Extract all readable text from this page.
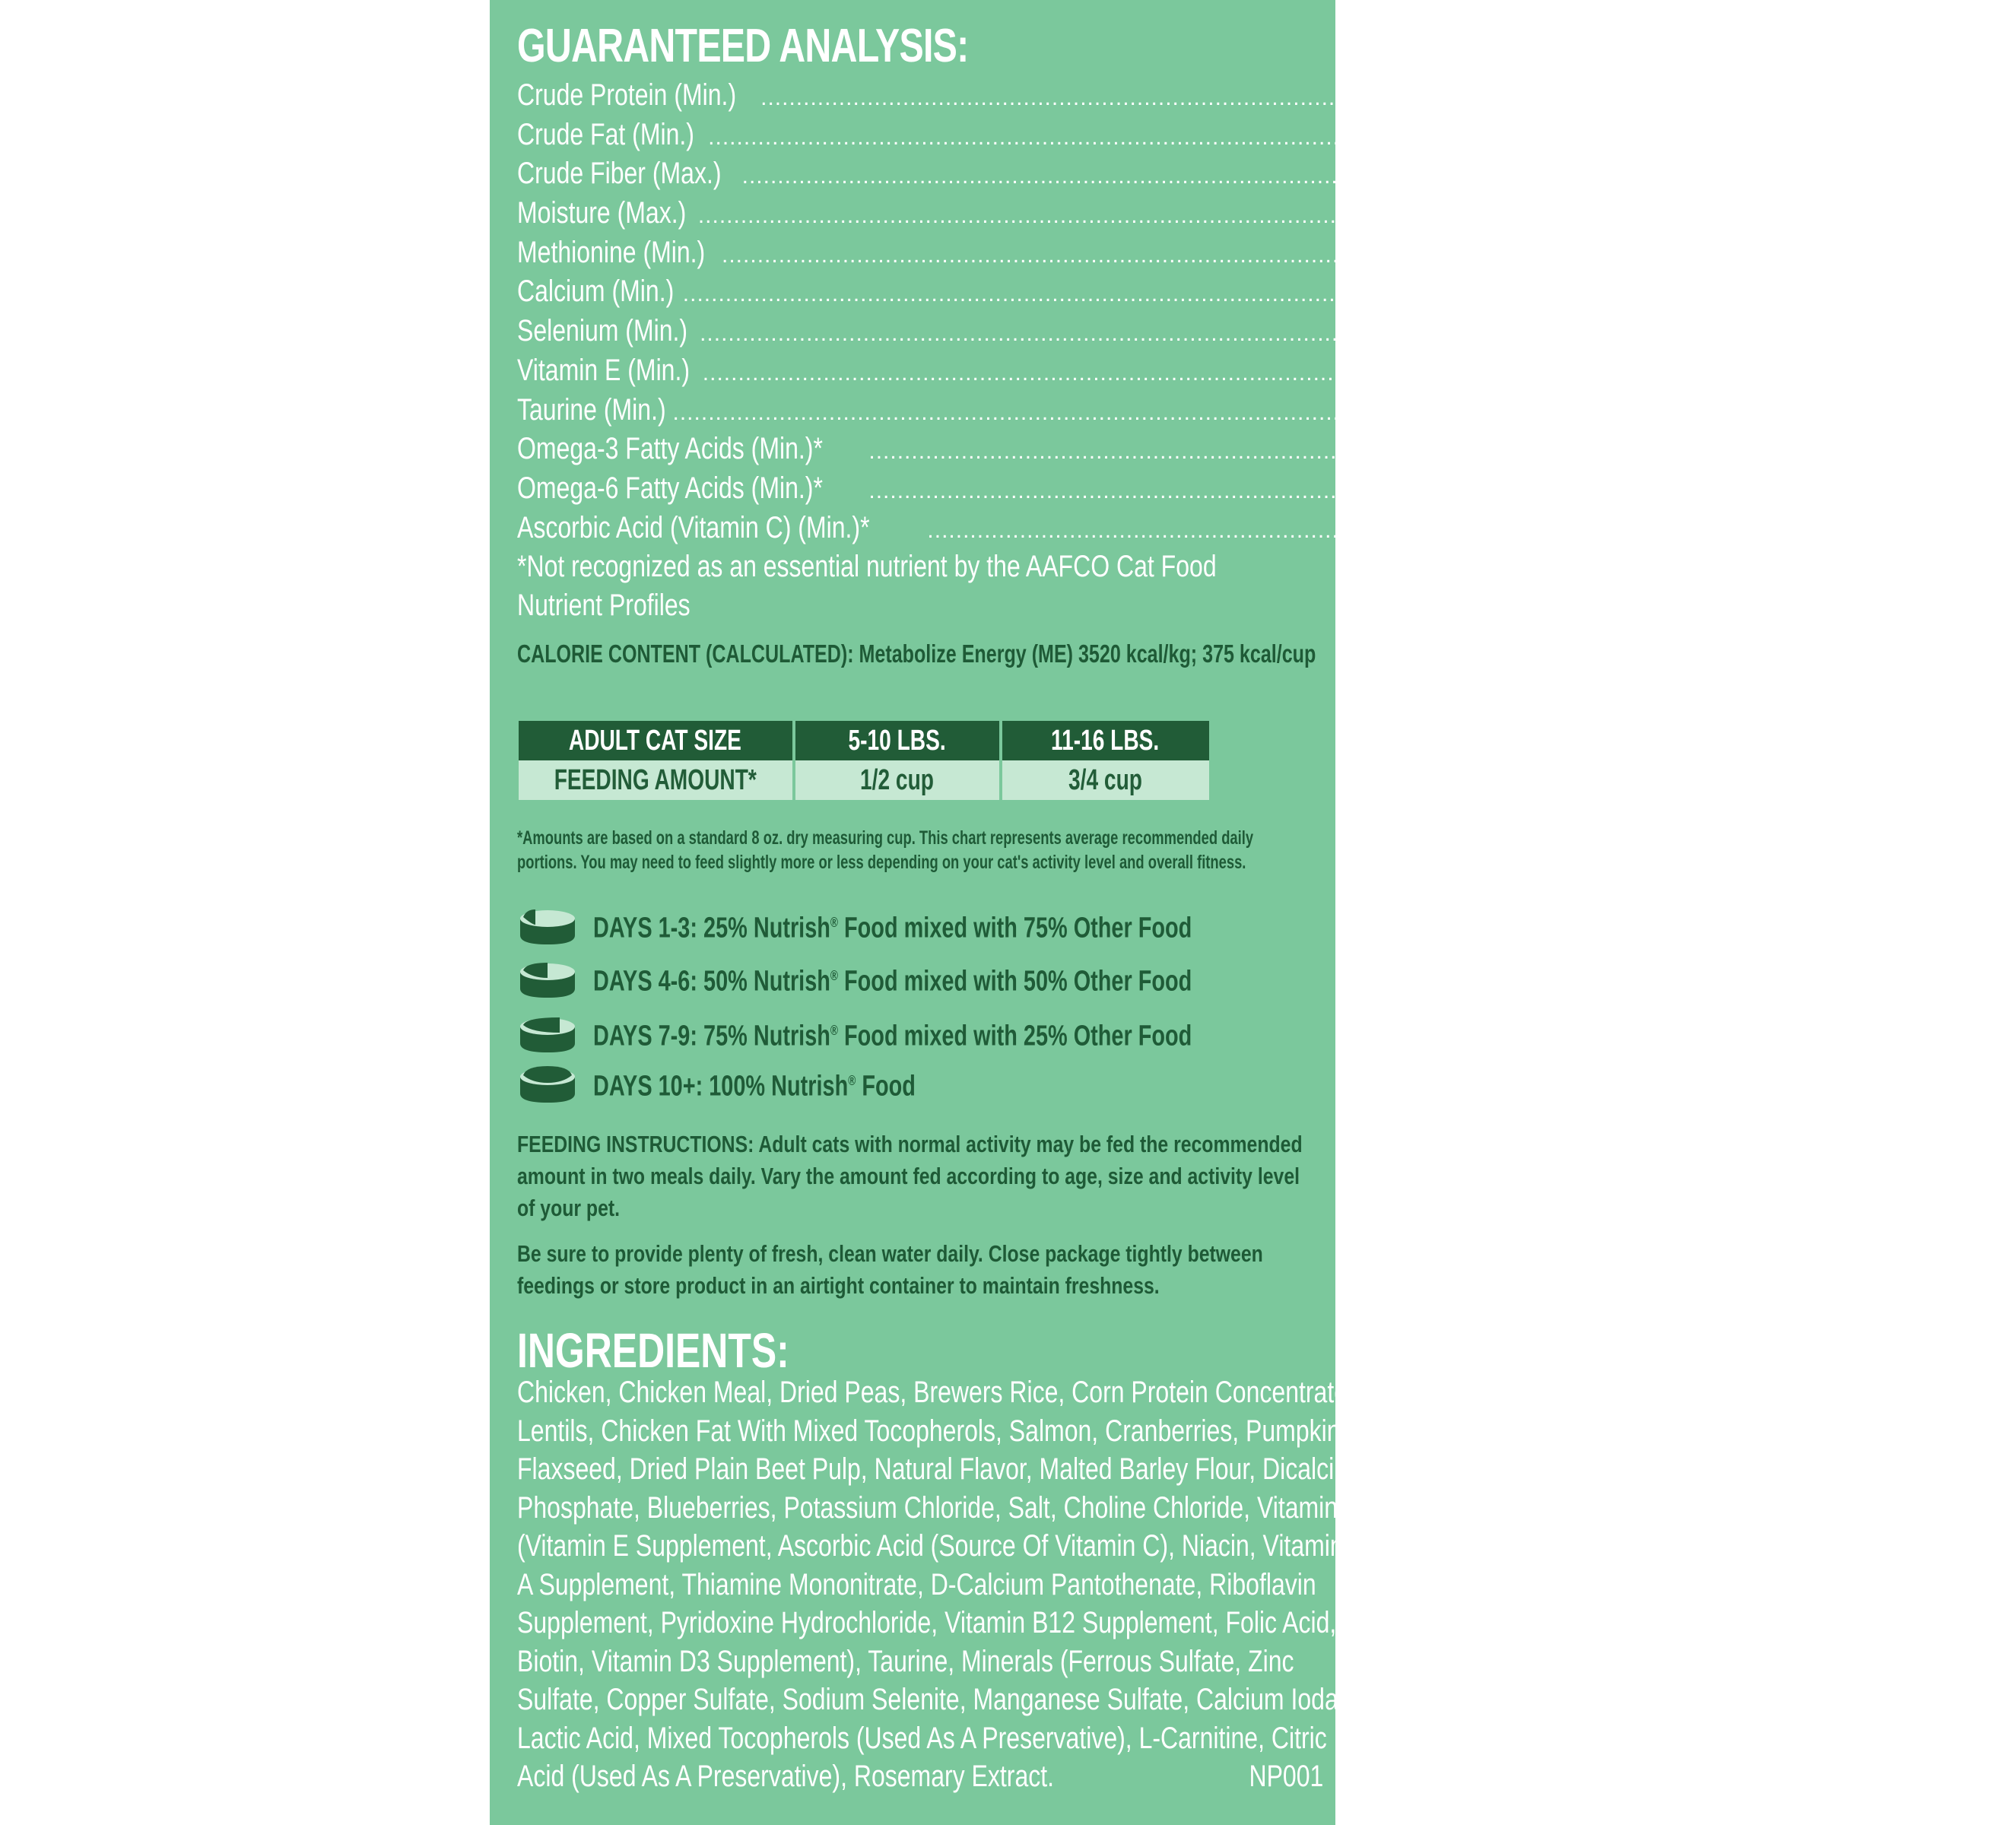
GUARANTEED ANALYSIS:
Crude Protein (Min.) ............................................................................................................................................
34.0%
Crude Fat (Min.) ............................................................................................................................................
12.0%
Crude Fiber (Max.) ............................................................................................................................................
8.0%
Moisture (Max.) ............................................................................................................................................
9.0%
Methionine (Min.) ............................................................................................................................................
0.62%
Calcium (Min.) ............................................................................................................................................
1.0%
Selenium (Min.) ............................................................................................................................................
0.5 mg/kg
Vitamin E (Min.) ............................................................................................................................................
135 IU/kg
Taurine (Min.) ............................................................................................................................................
0.12%
Omega-3 Fatty Acids (Min.)* ............................................................................................................................................
0.48%
Omega-6 Fatty Acids (Min.)* ............................................................................................................................................
1.5%
Ascorbic Acid (Vitamin C) (Min.)*	............................................................................................................................................
50 mg/kg
*Not recognized as an essential nutrient by the AAFCO Cat Food
Nutrient Profiles
CALORIE CONTENT (CALCULATED): Metabolize Energy (ME) 3520 kcal/kg; 375 kcal/cup
ADULT CAT SIZE	5-10 LBS.	11-16 LBS.
FEEDING AMOUNT*	1/2 cup	3/4 cup
*Amounts are based on a standard 8 oz. dry measuring cup. This chart represents average recommended daily
portions. You may need to feed slightly more or less depending on your cat's activity level and overall fitness.
DAYS 1-3: 25% Nutrish® Food mixed with 75% Other Food
DAYS 4-6: 50% Nutrish® Food mixed with 50% Other Food
DAYS 7-9: 75% Nutrish® Food mixed with 25% Other Food
DAYS 10+: 100% Nutrish® Food
FEEDING INSTRUCTIONS: Adult cats with normal activity may be fed the recommended
amount in two meals daily. Vary the amount fed according to age, size and activity level
of your pet.
Be sure to provide plenty of fresh, clean water daily. Close package tightly between
feedings or store product in an airtight container to maintain freshness.
INGREDIENTS:
Chicken, Chicken Meal, Dried Peas, Brewers Rice, Corn Protein Concentrate,
Lentils, Chicken Fat With Mixed Tocopherols, Salmon, Cranberries, Pumpkin,
Flaxseed, Dried Plain Beet Pulp, Natural Flavor, Malted Barley Flour, Dicalcium
Phosphate, Blueberries, Potassium Chloride, Salt, Choline Chloride, Vitamins
(Vitamin E Supplement, Ascorbic Acid (Source Of Vitamin C), Niacin, Vitamin
A Supplement, Thiamine Mononitrate, D-Calcium Pantothenate, Riboflavin
Supplement, Pyridoxine Hydrochloride, Vitamin B12 Supplement, Folic Acid,
Biotin, Vitamin D3 Supplement), Taurine, Minerals (Ferrous Sulfate, Zinc
Sulfate, Copper Sulfate, Sodium Selenite, Manganese Sulfate, Calcium Iodate),
Lactic Acid, Mixed Tocopherols (Used As A Preservative), L-Carnitine, Citric
Acid (Used As A Preservative), Rosemary Extract.	NP001
